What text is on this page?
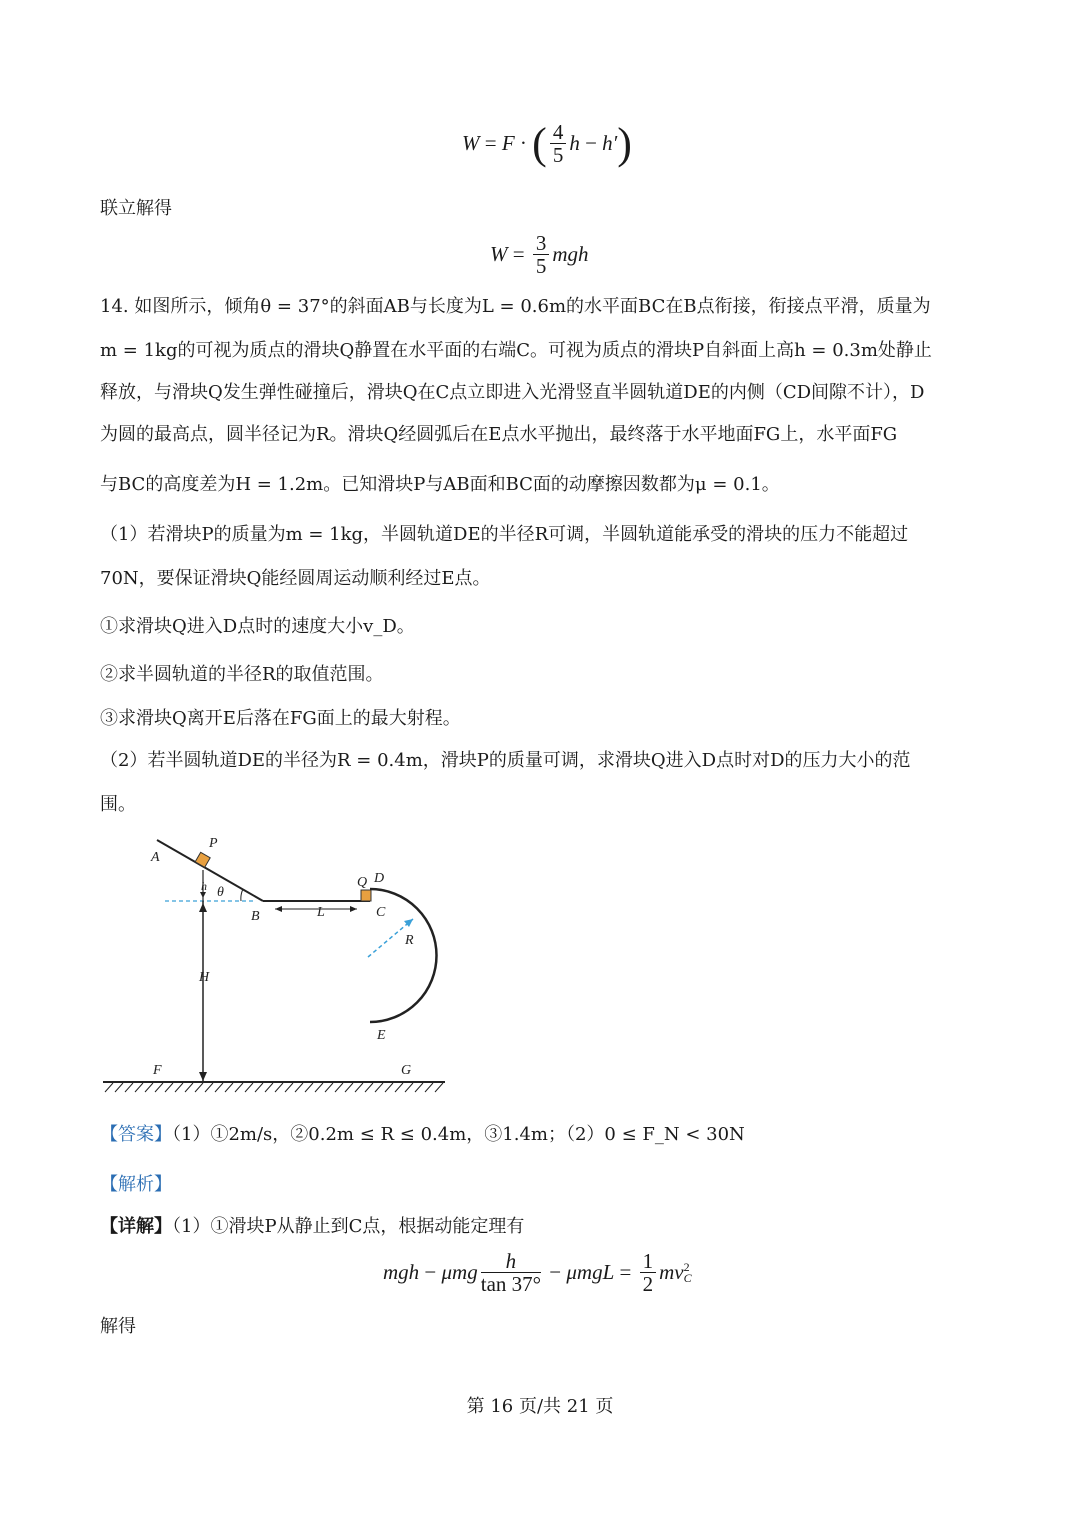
W = F · ( $\frac{4}{5}$ h − h′ )
联立解得
$W = \frac{3}{5}$ mgh
14. 如图所示，倾角θ = 37°的斜面AB与长度为L = 0.6m的水平面BC在B点衔接，衔接点平滑，质量为
m = 1kg的可视为质点的滑块Q静置在水平面的右端C。可视为质点的滑块P自斜面上高h = 0.3m处静止
释放，与滑块Q发生弹性碰撞后，滑块Q在C点立即进入光滑竖直半圆轨道DE的内侧（CD间隙不计），D
为圆的最高点，圆半径记为R。滑块Q经圆弧后在E点水平抛出，最终落于水平地面FG上，水平面FG
与BC的高度差为H = 1.2m。已知滑块P与AB面和BC面的动摩擦因数都为μ = 0.1。
（1）若滑块P的质量为m = 1kg，半圆轨道DE的半径R可调，半圆轨道能承受的滑块的压力不能超过
70N，要保证滑块Q能经圆周运动顺利经过E点。
①求滑块Q进入D点时的速度大小v_D。
②求半圆轨道的半径R的取值范围。
③求滑块Q离开E后落在FG面上的最大射程。
（2）若半圆轨道DE的半径为R = 0.4m，滑块P的质量可调，求滑块Q进入D点时对D的压力大小的范
围。
A
P
h θ
B	L
Q D
C
R
H
E
F	G
【答案】（1）①2m/s，②0.2m ≤ R ≤ 0.4m，③1.4m；（2）0 ≤ F_N < 30N
【解析】
【详解】（1）①滑块P从静止到C点，根据动能定理有
mgh − μmg $\frac{h}{\tan 37^\circ} - \mu mgL = \frac{1}{2}$ mv 2
C
解得
第 16 页/共 21 页
